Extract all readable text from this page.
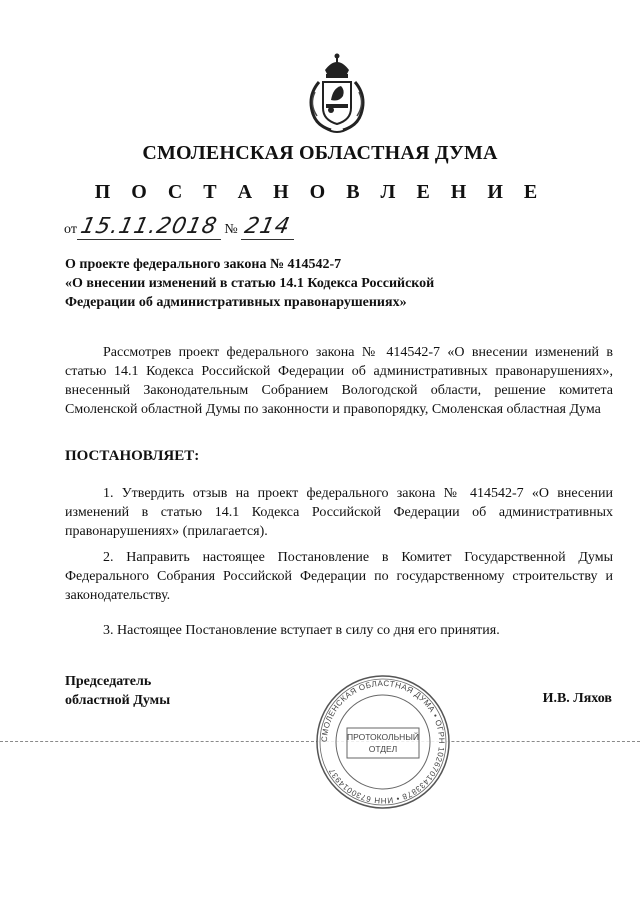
СМОЛЕНСКАЯ ОБЛАСТНАЯ ДУМА
П О С Т А Н О В Л Е Н И Е
от15.11.2018 № 214
О проекте федерального закона № 414542-7
«О внесении изменений в статью 14.1 Кодекса Российской
Федерации об административных правонарушениях»
Рассмотрев проект федерального закона № 414542-7 «О внесении изменений в статью 14.1 Кодекса Российской Федерации об административных правонарушениях», внесенный Законодательным Собранием Вологодской области, решение комитета Смоленской областной Думы по законности и правопорядку, Смоленская областная Дума
ПОСТАНОВЛЯЕТ:
1. Утвердить отзыв на проект федерального закона № 414542-7 «О внесении изменений в статью 14.1 Кодекса Российской Федерации об административных правонарушениях» (прилагается).
2. Направить настоящее Постановление в Комитет Государственной Думы Федерального Собрания Российской Федерации по государственному строительству и законодательству.
3. Настоящее Постановление вступает в силу со дня его принятия.
Председатель
областной Думы
СМОЛЕНСКАЯ ОБЛАСТНАЯ ДУМА • ОГРН 1026701433878 • ИНН 6730014937
ПРОТОКОЛЬНЫЙ
ОТДЕЛ
И.В. Ляхов
